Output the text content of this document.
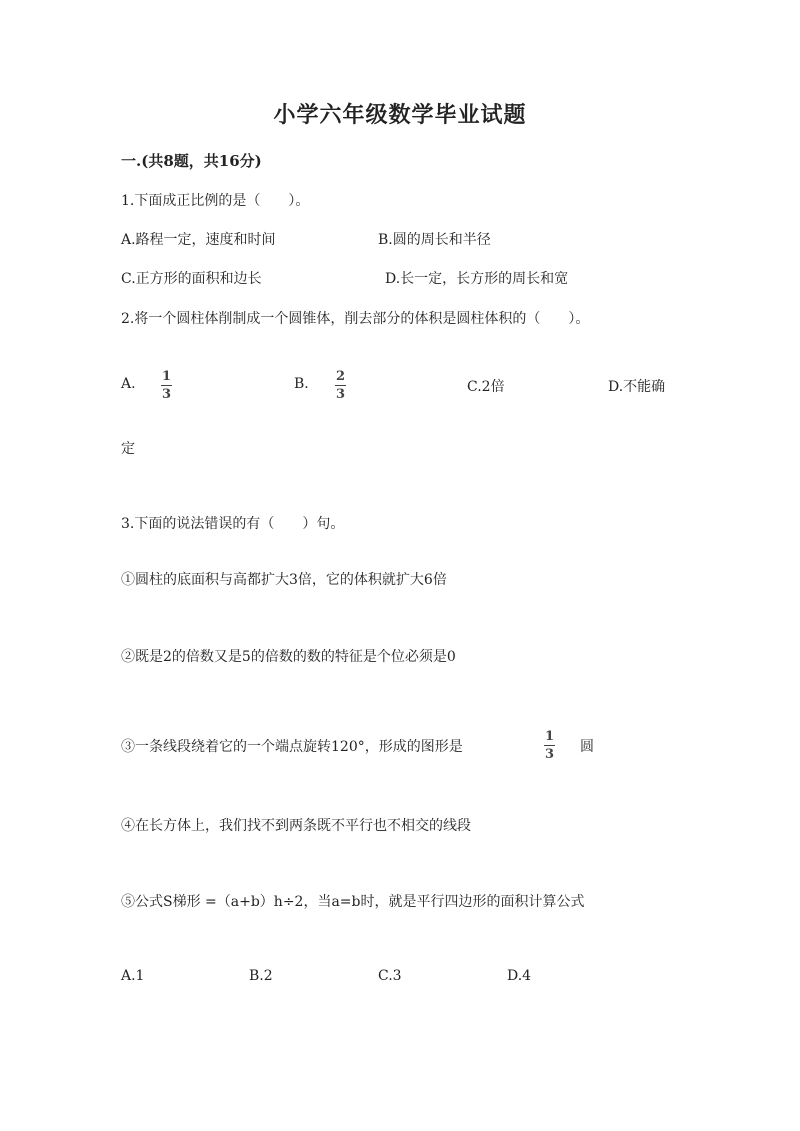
小学六年级数学毕业试题
一.(共8题，共16分)
1.下面成正比例的是（　　）。
A.路程一定，速度和时间	B.圆的周长和半径
C.正方形的面积和边长	D.长一定，长方形的周长和宽
2.将一个圆柱体削制成一个圆锥体，削去部分的体积是圆柱体积的（　　）。
A. 1
3
B. 2
3	C.2倍	D.不能确
定
3.下面的说法错误的有（　　）句。
①圆柱的底面积与高都扩大3倍，它的体积就扩大6倍
②既是2的倍数又是5的倍数的数的特征是个位必须是0
③一条线段绕着它的一个端点旋转120°，形成的图形是
1
3 圆
④在长方体上，我们找不到两条既不平行也不相交的线段
⑤公式S梯形 =（a+b）h÷2，当a=b时，就是平行四边形的面积计算公式
A.1	B.2	C.3	D.4
